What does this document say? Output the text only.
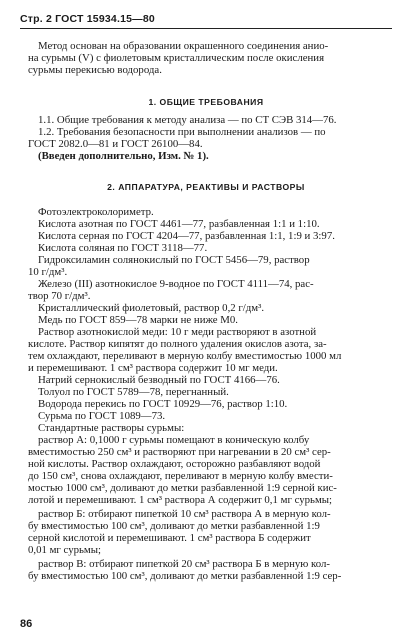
Стр. 2 ГОСТ 15934.15—80
Метод основан на образовании окрашенного соединения анио-
на сурьмы (V) с фиолетовым кристаллическим после окисления
сурьмы перекисью водорода.
1. ОБЩИЕ ТРЕБОВАНИЯ
1.1. Общие требования к методу анализа — по СТ СЭВ 314—76.
1.2. Требования безопасности при выполнении анализов — по
ГОСТ 2082.0—81 и ГОСТ 26100—84.
(Введен дополнительно, Изм. № 1).
2. АППАРАТУРА, РЕАКТИВЫ И РАСТВОРЫ
Фотоэлектроколориметр.
Кислота азотная по ГОСТ 4461—77, разбавленная 1:1 и 1:10.
Кислота серная по ГОСТ 4204—77, разбавленная 1:1, 1:9 и 3:97.
Кислота соляная по ГОСТ 3118—77.
Гидроксиламин солянокислый по ГОСТ 5456—79, раствор
10 г/дм³.
Железо (III) азотнокислое 9-водное по ГОСТ 4111—74, рас-
твор 70 г/дм³.
Кристаллический фиолетовый, раствор 0,2 г/дм³.
Медь по ГОСТ 859—78 марки не ниже М0.
Раствор азотнокислой меди: 10 г меди растворяют в азотной
кислоте. Раствор кипятят до полного удаления окислов азота, за-
тем охлаждают, переливают в мерную колбу вместимостью 1000 мл
и перемешивают. 1 см³ раствора содержит 10 мг меди.
Натрий сернокислый безводный по ГОСТ 4166—76.
Толуол по ГОСТ 5789—78, перегнанный.
Водорода перекись по ГОСТ 10929—76, раствор 1:10.
Сурьма по ГОСТ 1089—73.
Стандартные растворы сурьмы:
раствор А: 0,1000 г сурьмы помещают в коническую колбу
вместимостью 250 см³ и растворяют при нагревании в 20 см³ сер-
ной кислоты. Раствор охлаждают, осторожно разбавляют водой
до 150 см³, снова охлаждают, переливают в мерную колбу вмести-
мостью 1000 см³, доливают до метки разбавленной 1:9 серной кис-
лотой и перемешивают. 1 см³ раствора А содержит 0,1 мг сурьмы;
раствор Б: отбирают пипеткой 10 см³ раствора А в мерную кол-
бу вместимостью 100 см³, доливают до метки разбавленной 1:9
серной кислотой и перемешивают. 1 см³ раствора Б содержит
0,01 мг сурьмы;
раствор В: отбирают пипеткой 20 см³ раствора Б в мерную кол-
бу вместимостью 100 см³, доливают до метки разбавленной 1:9 сер-
86
